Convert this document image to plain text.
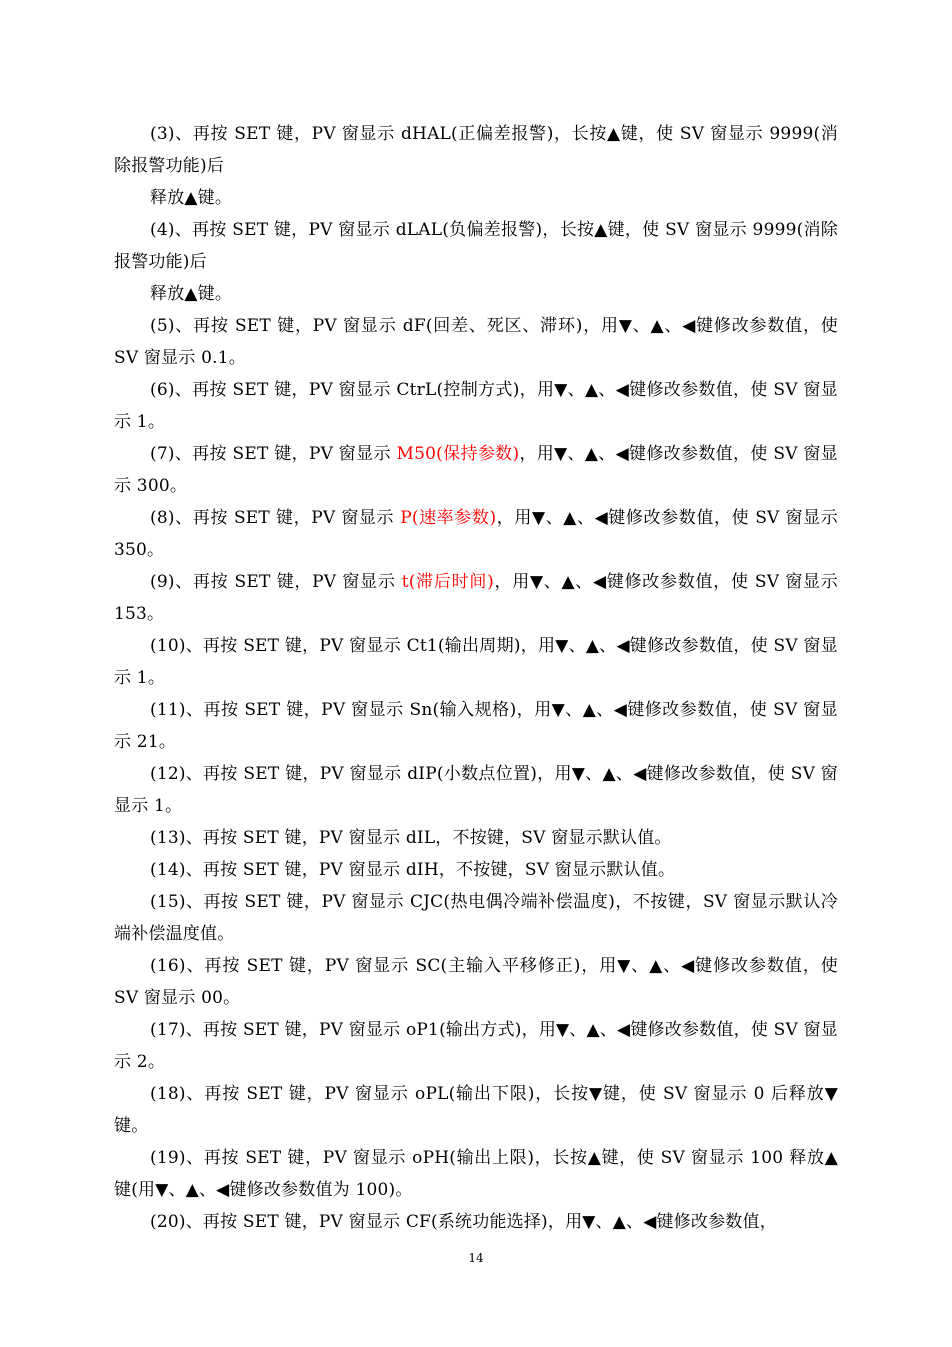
(3)、再按 SET 键，PV 窗显示 dHAL(正偏差报警)，长按▲键，使 SV 窗显示 9999(消除报警功能)后

释放▲键。

(4)、再按 SET 键，PV 窗显示 dLAL(负偏差报警)，长按▲键，使 SV 窗显示 9999(消除报警功能)后

释放▲键。

(5)、再按 SET 键，PV 窗显示 dF(回差、死区、滞环)，用▼、▲、◀键修改参数值，使 SV 窗显示 0.1。

(6)、再按 SET 键，PV 窗显示 CtrL(控制方式)，用▼、▲、◀键修改参数值，使 SV 窗显示 1。

(7)、再按 SET 键，PV 窗显示 M50(保持参数)，用▼、▲、◀键修改参数值，使 SV 窗显示 300。

(8)、再按 SET 键，PV 窗显示 P(速率参数)，用▼、▲、◀键修改参数值，使 SV 窗显示 350。

(9)、再按 SET 键，PV 窗显示 t(滞后时间)，用▼、▲、◀键修改参数值，使 SV 窗显示 153。

(10)、再按 SET 键，PV 窗显示 Ct1(输出周期)，用▼、▲、◀键修改参数值，使 SV 窗显示 1。

(11)、再按 SET 键，PV 窗显示 Sn(输入规格)，用▼、▲、◀键修改参数值，使 SV 窗显示 21。

(12)、再按 SET 键，PV 窗显示 dIP(小数点位置)，用▼、▲、◀键修改参数值，使 SV 窗显示 1。

(13)、再按 SET 键，PV 窗显示 dIL，不按键，SV 窗显示默认值。

(14)、再按 SET 键，PV 窗显示 dIH，不按键，SV 窗显示默认值。

(15)、再按 SET 键，PV 窗显示 CJC(热电偶冷端补偿温度)，不按键，SV 窗显示默认冷端补偿温度值。

(16)、再按 SET 键，PV 窗显示 SC(主输入平移修正)，用▼、▲、◀键修改参数值，使 SV 窗显示 00。

(17)、再按 SET 键，PV 窗显示 oP1(输出方式)，用▼、▲、◀键修改参数值，使 SV 窗显示 2。

(18)、再按 SET 键，PV 窗显示 oPL(输出下限)，长按▼键，使 SV 窗显示 0 后释放▼键。

(19)、再按 SET 键，PV 窗显示 oPH(输出上限)，长按▲键，使 SV 窗显示 100 释放▲键(用▼、▲、◀键修改参数值为 100)。

(20)、再按 SET 键，PV 窗显示 CF(系统功能选择)，用▼、▲、◀键修改参数值，

14
